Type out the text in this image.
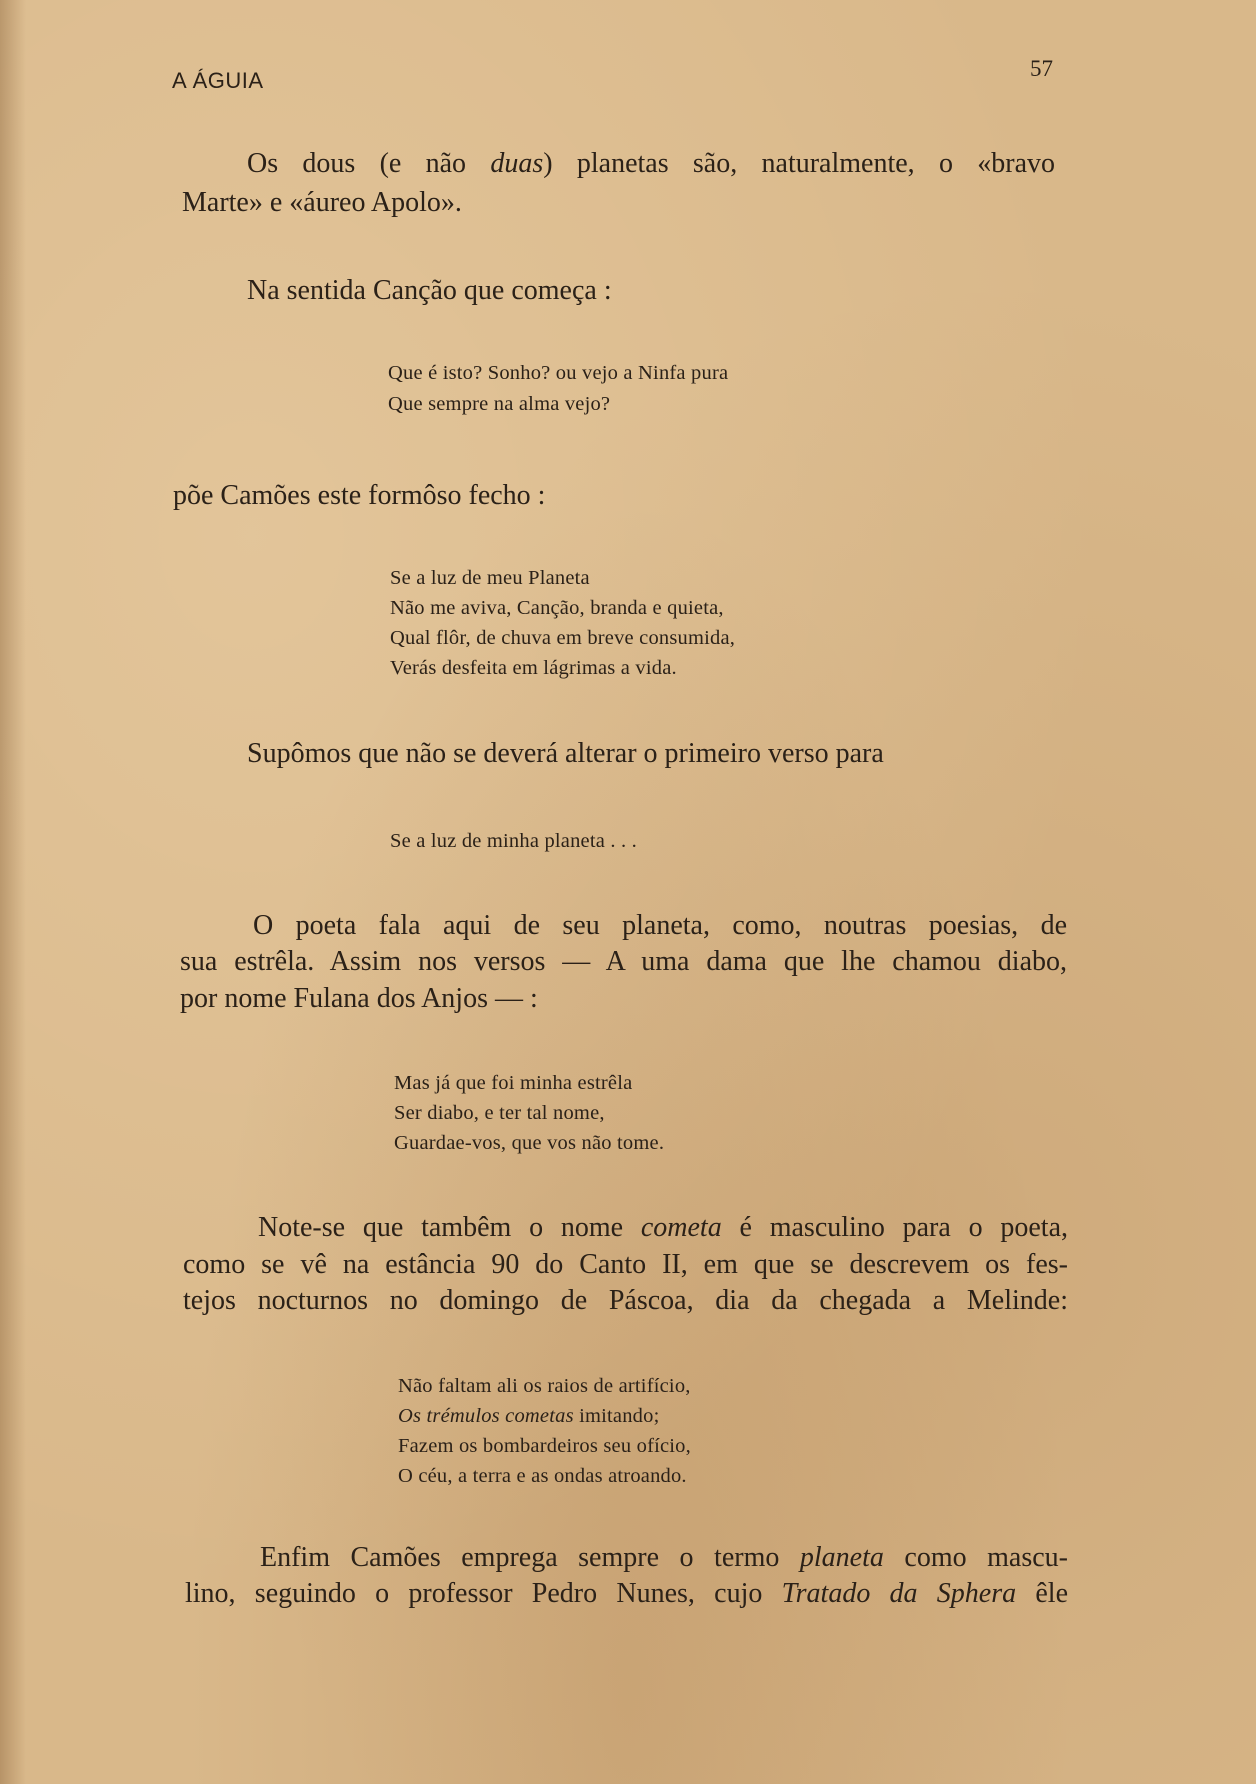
A ÁGUIA	57
Os dous (e não duas) planetas são, naturalmente, o «bravo
Marte» e «áureo Apolo».
Na sentida Canção que começa :
Que é isto? Sonho? ou vejo a Ninfa pura
Que sempre na alma vejo?
põe Camões este formôso fecho :
Se a luz de meu Planeta
Não me aviva, Canção, branda e quieta,
Qual flôr, de chuva em breve consumida,
Verás desfeita em lágrimas a vida.
Supômos que não se deverá alterar o primeiro verso para
Se a luz de minha planeta . . .
O poeta fala aqui de seu planeta, como, noutras poesias, de
sua estrêla. Assim nos versos — A uma dama que lhe chamou diabo,
por nome Fulana dos Anjos — :
Mas já que foi minha estrêla
Ser diabo, e ter tal nome,
Guardae-vos, que vos não tome.
Note-se que tambêm o nome cometa é masculino para o poeta,
como se vê na estância 90 do Canto II, em que se descrevem os fes-
tejos nocturnos no domingo de Páscoa, dia da chegada a Melinde:
Não faltam ali os raios de artifício,
Os trémulos cometas imitando;
Fazem os bombardeiros seu ofício,
O céu, a terra e as ondas atroando.
Enfim Camões emprega sempre o termo planeta como mascu-
lino, seguindo o professor Pedro Nunes, cujo Tratado da Sphera êle
